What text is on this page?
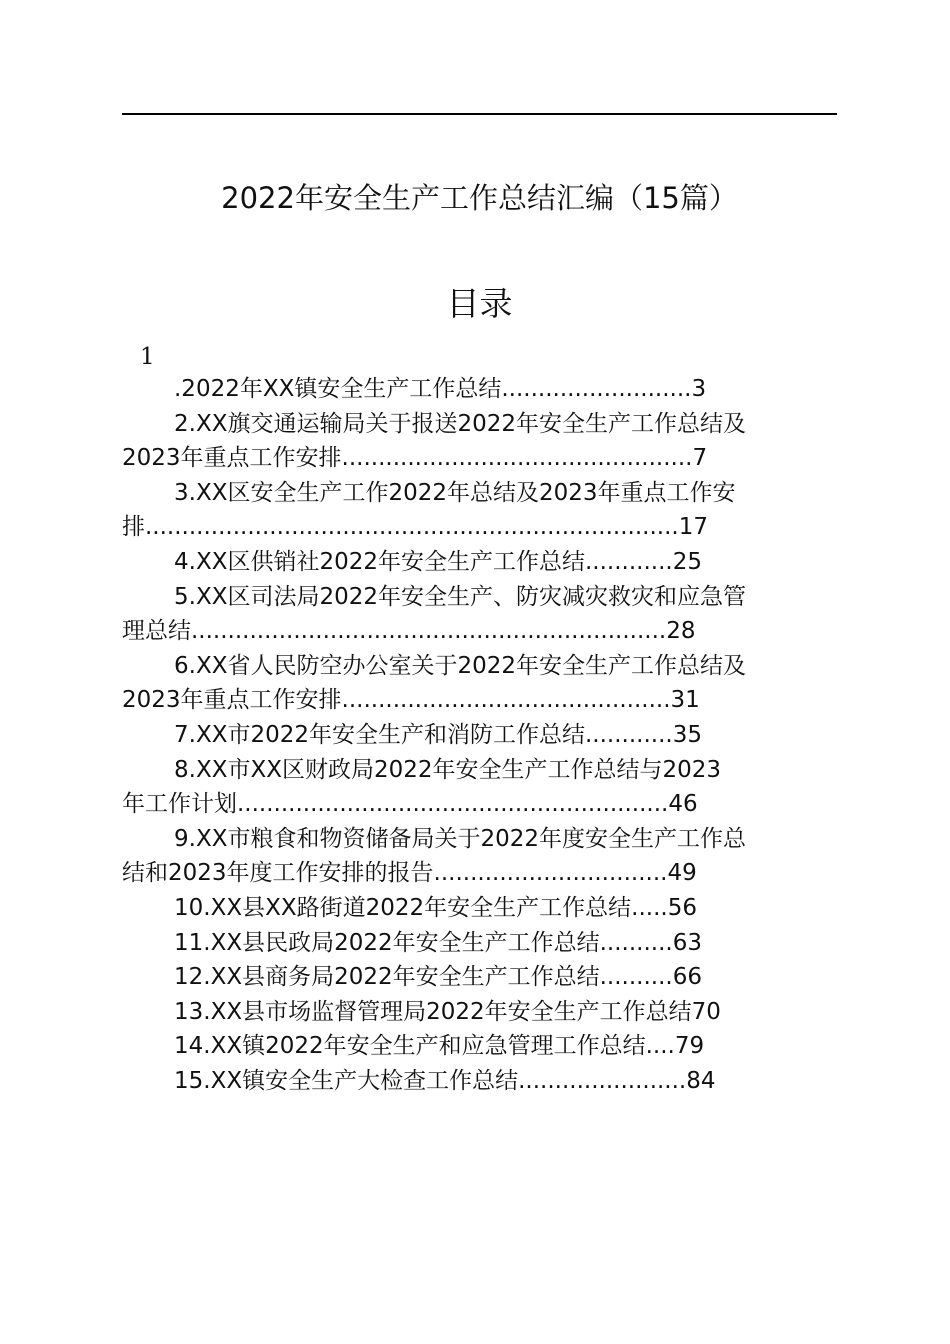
2022年安全生产工作总结汇编（15篇）
目录
1
.2022年XX镇安全生产工作总结..........................3
2.XX旗交通运输局关于报送2022年安全生产工作总结及
2023年重点工作安排................................................7
3.XX区安全生产工作2022年总结及2023年重点工作安
排.........................................................................17
4.XX区供销社2022年安全生产工作总结............25
5.XX区司法局2022年安全生产、防灾减灾救灾和应急管
理总结.................................................................28
6.XX省人民防空办公室关于2022年安全生产工作总结及
2023年重点工作安排.............................................31
7.XX市2022年安全生产和消防工作总结............35
8.XX市XX区财政局2022年安全生产工作总结与2023
年工作计划...........................................................46
9.XX市粮食和物资储备局关于2022年度安全生产工作总
结和2023年度工作安排的报告................................49
10.XX县XX路街道2022年安全生产工作总结.....56
11.XX县民政局2022年安全生产工作总结..........63
12.XX县商务局2022年安全生产工作总结..........66
13.XX县市场监督管理局2022年安全生产工作总结70
14.XX镇2022年安全生产和应急管理工作总结....79
15.XX镇安全生产大检查工作总结.......................84
